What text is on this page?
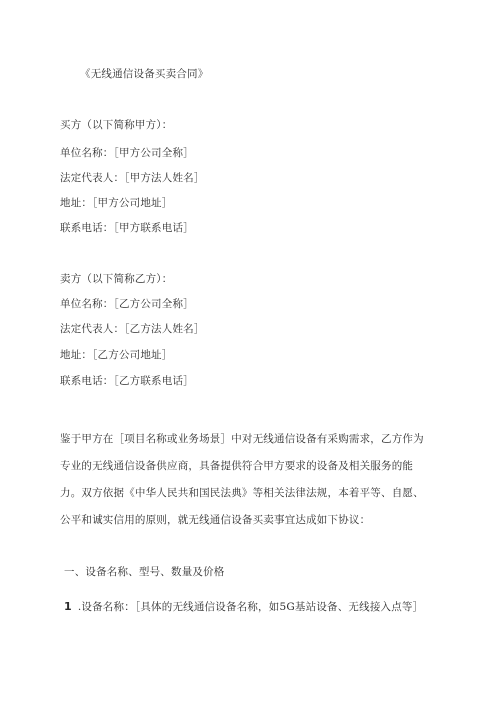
《无线通信设备买卖合同》
买方（以下简称甲方）：
单位名称：［甲方公司全称］
法定代表人：［甲方法人姓名］
地址：［甲方公司地址］
联系电话：［甲方联系电话］
卖方（以下简称乙方）：
单位名称：［乙方公司全称］
法定代表人：［乙方法人姓名］
地址：［乙方公司地址］
联系电话：［乙方联系电话］
鉴于甲方在［项目名称或业务场景］中对无线通信设备有采购需求，乙方作为
专业的无线通信设备供应商，具备提供符合甲方要求的设备及相关服务的能
力。双方依据《中华人民共和国民法典》等相关法律法规，本着平等、自愿、
公平和诚实信用的原则，就无线通信设备买卖事宜达成如下协议：
一、设备名称、型号、数量及价格
1 .设备名称：［具体的无线通信设备名称，如5G基站设备、无线接入点等］
